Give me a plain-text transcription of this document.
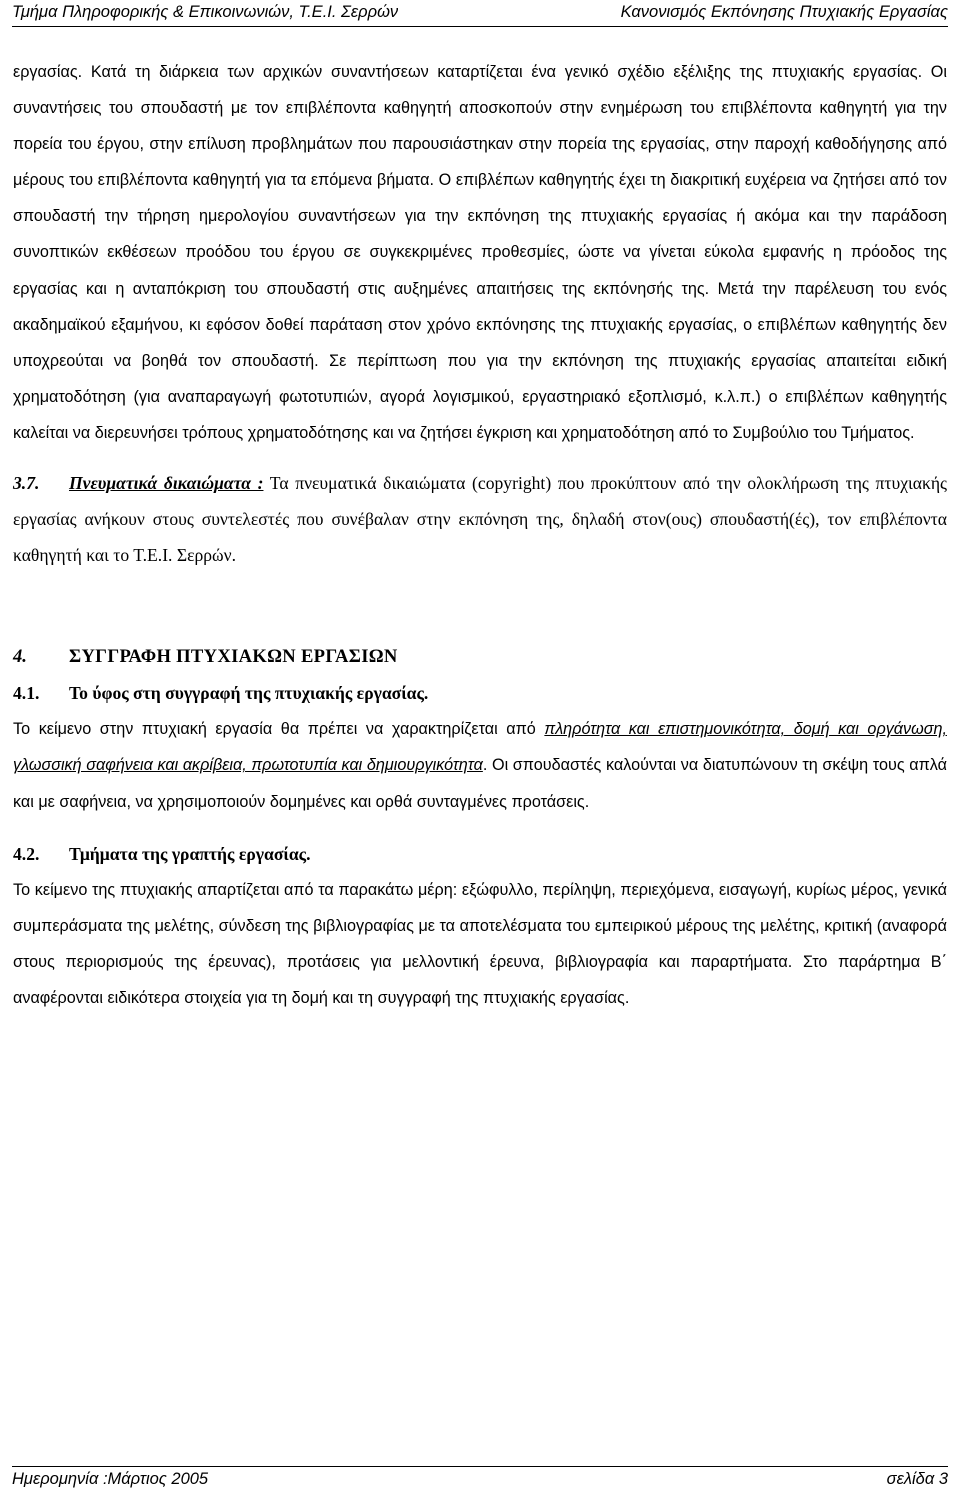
Τμήμα Πληροφορικής & Επικοινωνιών, Τ.Ε.Ι. Σερρών	Κανονισμός Εκπόνησης Πτυχιακής Εργασίας

εργασίας. Κατά τη διάρκεια των αρχικών συναντήσεων καταρτίζεται ένα γενικό σχέδιο εξέλιξης της πτυχιακής εργασίας. Οι συναντήσεις του σπουδαστή με τον επιβλέποντα καθηγητή αποσκοπούν στην ενημέρωση του επιβλέποντα καθηγητή για την πορεία του έργου, στην επίλυση προβλημάτων που παρουσιάστηκαν στην πορεία της εργασίας, στην παροχή καθοδήγησης από μέρους του επιβλέποντα καθηγητή για τα επόμενα βήματα. Ο επιβλέπων καθηγητής έχει τη διακριτική ευχέρεια να ζητήσει από τον σπουδαστή την τήρηση ημερολογίου συναντήσεων για την εκπόνηση της πτυχιακής εργασίας ή ακόμα και την παράδοση συνοπτικών εκθέσεων προόδου του έργου σε συγκεκριμένες προθεσμίες, ώστε να γίνεται εύκολα εμφανής η πρόοδος της εργασίας και η ανταπόκριση του σπουδαστή στις αυξημένες απαιτήσεις της εκπόνησής της. Μετά την παρέλευση του ενός ακαδημαϊκού εξαμήνου, κι εφόσον δοθεί παράταση στον χρόνο εκπόνησης της πτυχιακής εργασίας, ο επιβλέπων καθηγητής δεν υποχρεούται να βοηθά τον σπουδαστή. Σε περίπτωση που για την εκπόνηση της πτυχιακής εργασίας απαιτείται ειδική χρηματοδότηση (για αναπαραγωγή φωτοτυπιών, αγορά λογισμικού, εργαστηριακό εξοπλισμό, κ.λ.π.) ο επιβλέπων καθηγητής καλείται να διερευνήσει τρόπους χρηματοδότησης και να ζητήσει έγκριση και χρηματοδότηση από το Συμβούλιο του Τμήματος.

3.7. Πνευματικά δικαιώματα : Τα πνευματικά δικαιώματα (copyright) που προκύπτουν από την ολοκλήρωση της πτυχιακής εργασίας ανήκουν στους συντελεστές που συνέβαλαν στην εκπόνηση της, δηλαδή στον(ους) σπουδαστή(ές), τον επιβλέποντα καθηγητή και το Τ.Ε.Ι. Σερρών.

4. ΣΥΓΓΡΑΦΗ ΠΤΥΧΙΑΚΩΝ ΕΡΓΑΣΙΩΝ
4.1. Το ύφος στη συγγραφή της πτυχιακής εργασίας.

Το κείμενο στην πτυχιακή εργασία θα πρέπει να χαρακτηρίζεται από πληρότητα και επιστημονικότητα, δομή και οργάνωση, γλωσσική σαφήνεια και ακρίβεια, πρωτοτυπία και δημιουργικότητα. Οι σπουδαστές καλούνται να διατυπώνουν τη σκέψη τους απλά και με σαφήνεια, να χρησιμοποιούν δομημένες και ορθά συνταγμένες προτάσεις.

4.2. Τμήματα της γραπτής εργασίας.

Το κείμενο της πτυχιακής απαρτίζεται από τα παρακάτω μέρη: εξώφυλλο, περίληψη, περιεχόμενα, εισαγωγή, κυρίως μέρος, γενικά συμπεράσματα της μελέτης, σύνδεση της βιβλιογραφίας με τα αποτελέσματα του εμπειρικού μέρους της μελέτης, κριτική (αναφορά στους περιορισμούς της έρευνας), προτάσεις για μελλοντική έρευνα, βιβλιογραφία και παραρτήματα. Στο παράρτημα Β΄ αναφέρονται ειδικότερα στοιχεία για τη δομή και τη συγγραφή της πτυχιακής εργασίας.

Ημερομηνία :Μάρτιος 2005	σελίδα 3
